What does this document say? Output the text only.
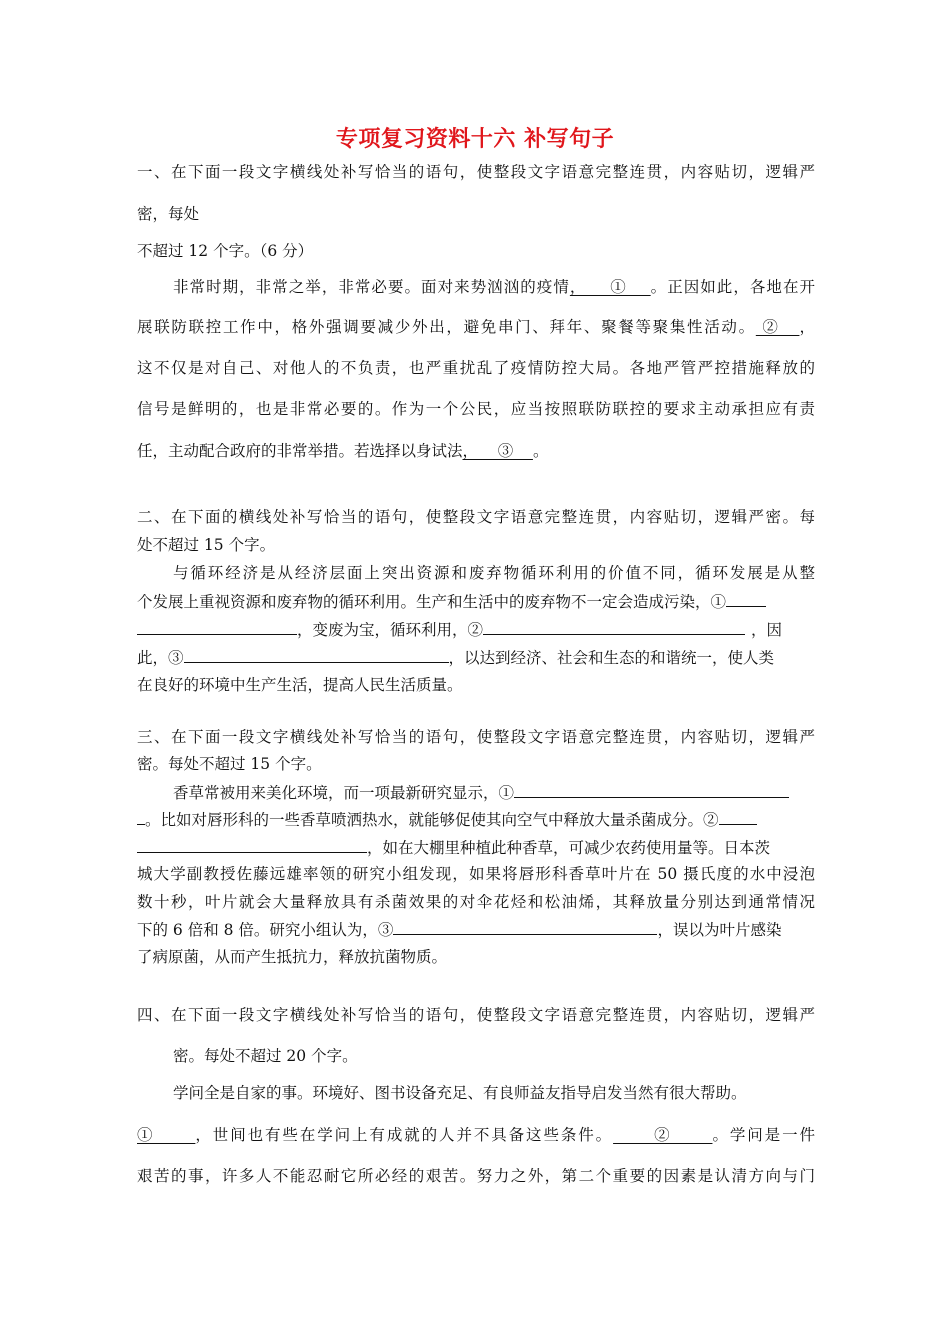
专项复习资料十六 补写句子
一、在下面一段文字横线处补写恰当的语句，使整段文字语意完整连贯，内容贴切，逻辑严
密，每处
不超过 12 个字。（6 分）
非常时期，非常之举，非常必要。面对来势汹汹的疫情，    ①    。正因如此，各地在开
展联防联控工作中，格外强调要减少外出，避免串门、拜年、聚餐等聚集性活动。 ②   ，
这不仅是对自己、对他人的不负责，也严重扰乱了疫情防控大局。各地严管严控措施释放的
信号是鲜明的，也是非常必要的。作为一个公民，应当按照联防联控的要求主动承担应有责
任，主动配合政府的非常举措。若选择以身试法，    ③    。
二、在下面的横线处补写恰当的语句，使整段文字语意完整连贯，内容贴切，逻辑严密。每
处不超过 15 个字。
与循环经济是从经济层面上突出资源和废弃物循环利用的价值不同，循环发展是从整
个发展上重视资源和废弃物的循环利用。生产和生活中的废弃物不一定会造成污染，①
，变废为宝，循环利用，②	，因
此，③	，以达到经济、社会和生态的和谐统一，使人类
在良好的环境中生产生活，提高人民生活质量。
三、在下面一段文字横线处补写恰当的语句，使整段文字语意完整连贯，内容贴切，逻辑严
密。每处不超过 15 个字。
香草常被用来美化环境，而一项最新研究显示，①
。比如对唇形科的一些香草喷洒热水，就能够促使其向空气中释放大量杀菌成分。②
，如在大棚里种植此种香草，可减少农药使用量等。日本茨
城大学副教授佐藤远雄率领的研究小组发现，如果将唇形科香草叶片在 50 摄氏度的水中浸泡
数十秒，叶片就会大量释放具有杀菌效果的对伞花烃和松油烯，其释放量分别达到通常情况
下的 6 倍和 8 倍。研究小组认为，③	，误以为叶片感染
了病原菌，从而产生抵抗力，释放抗菌物质。
四、在下面一段文字横线处补写恰当的语句，使整段文字语意完整连贯，内容贴切，逻辑严
密。每处不超过 20 个字。
学问全是自家的事。环境好、图书设备充足、有良师益友指导启发当然有很大帮助。
①      ，世间也有些在学问上有成就的人并不具备这些条件。      ②      。学问是一件
艰苦的事，许多人不能忍耐它所必经的艰苦。努力之外，第二个重要的因素是认清方向与门
